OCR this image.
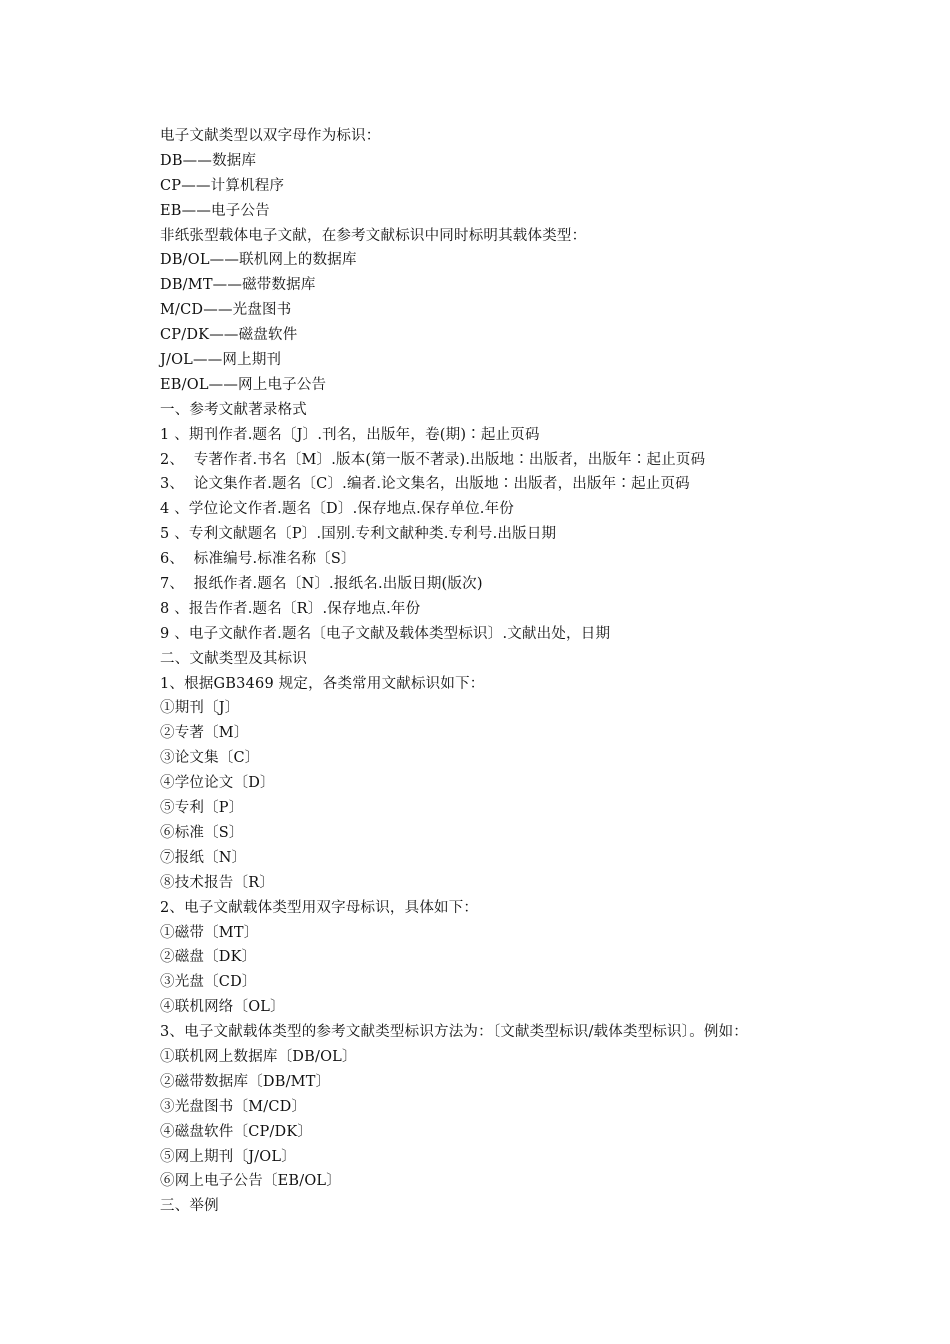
电子文献类型以双字母作为标识：
DB——数据库
CP——计算机程序
EB——电子公告
非纸张型载体电子文献，在参考文献标识中同时标明其载体类型：
DB/OL——联机网上的数据库
DB/MT——磁带数据库
M/CD——光盘图书
CP/DK——磁盘软件
J/OL——网上期刊
EB/OL——网上电子公告
一、参考文献著录格式
1 、期刊作者.题名〔J〕.刊名，出版年，卷(期)∶起止页码
2、  专著作者.书名〔M〕.版本(第一版不著录).出版地∶出版者，出版年∶起止页码
3、  论文集作者.题名〔C〕.编者.论文集名，出版地∶出版者，出版年∶起止页码
4 、学位论文作者.题名〔D〕.保存地点.保存单位.年份
5 、专利文献题名〔P〕.国别.专利文献种类.专利号.出版日期
6、  标准编号.标准名称〔S〕
7、  报纸作者.题名〔N〕.报纸名.出版日期(版次)
8 、报告作者.题名〔R〕.保存地点.年份
9 、电子文献作者.题名〔电子文献及载体类型标识〕.文献出处，日期
二、文献类型及其标识
1、根据GB3469 规定，各类常用文献标识如下：
①期刊〔J〕
②专著〔M〕
③论文集〔C〕
④学位论文〔D〕
⑤专利〔P〕
⑥标准〔S〕
⑦报纸〔N〕
⑧技术报告〔R〕
2、电子文献载体类型用双字母标识，具体如下：
①磁带〔MT〕
②磁盘〔DK〕
③光盘〔CD〕
④联机网络〔OL〕
3、电子文献载体类型的参考文献类型标识方法为：〔文献类型标识/载体类型标识〕。例如：
①联机网上数据库〔DB/OL〕
②磁带数据库〔DB/MT〕
③光盘图书〔M/CD〕
④磁盘软件〔CP/DK〕
⑤网上期刊〔J/OL〕
⑥网上电子公告〔EB/OL〕
三、举例
